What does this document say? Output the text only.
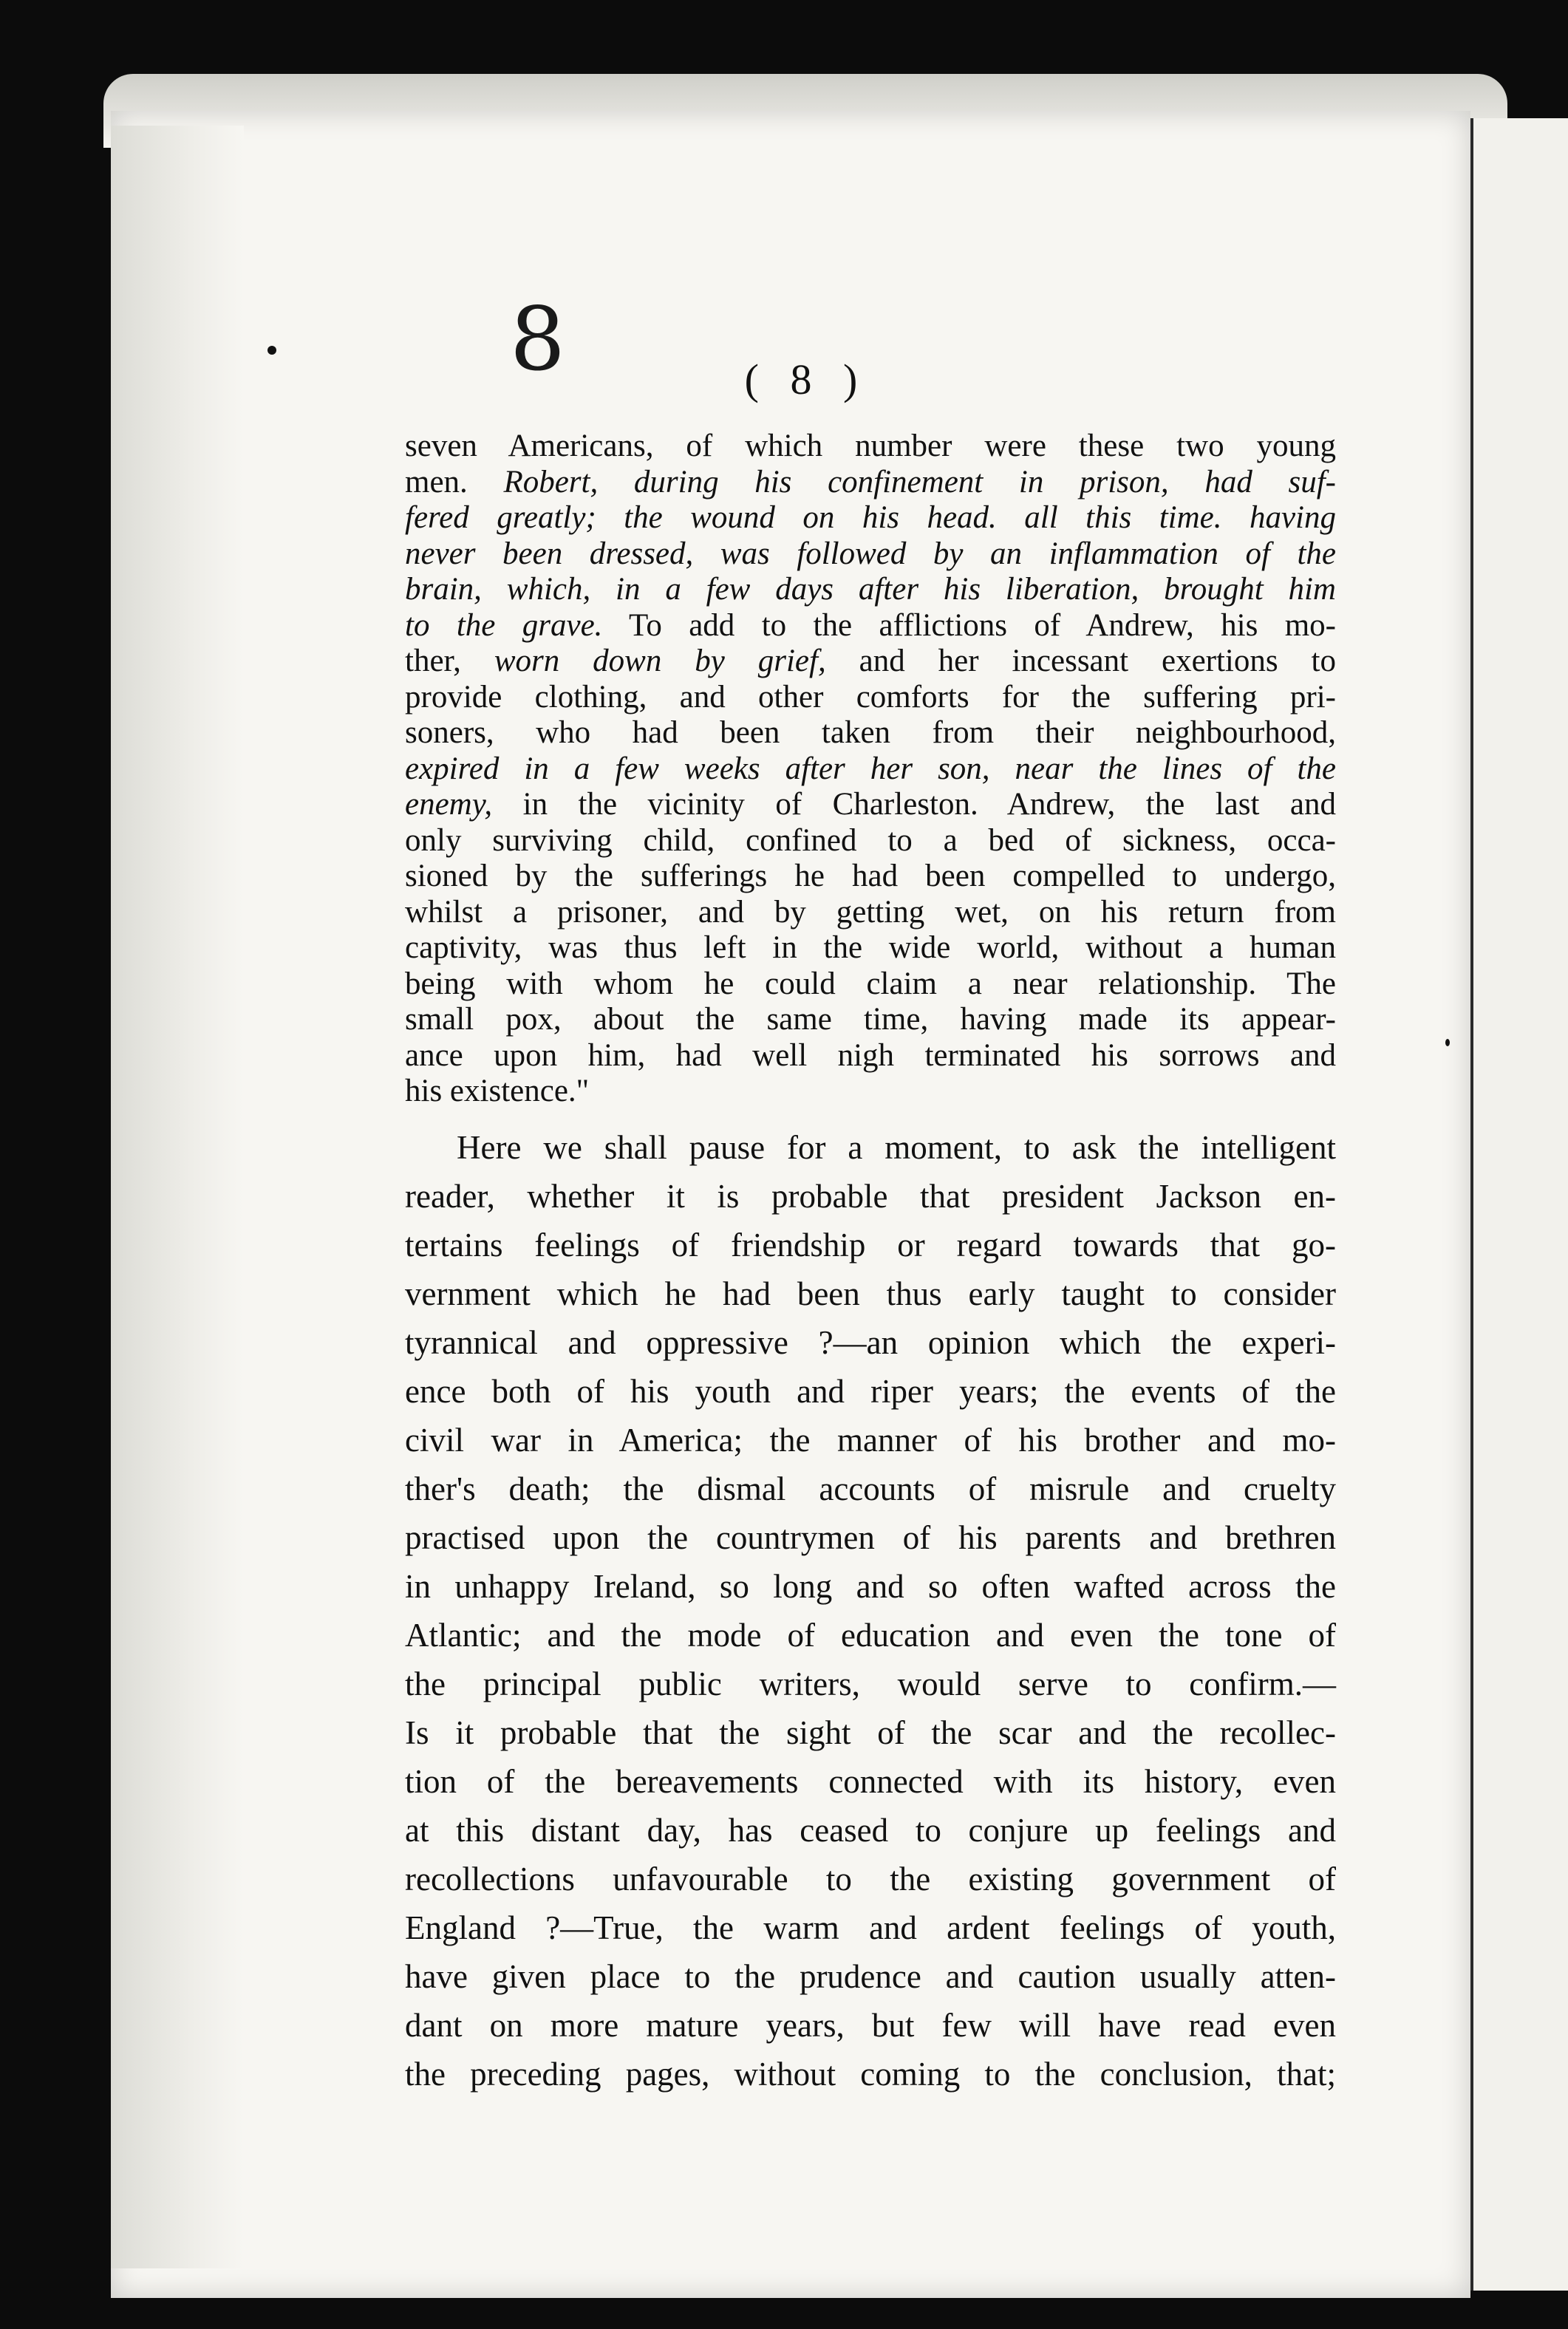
8	( 8 )

seven Americans, of which number were these two young
men. Robert, during his confinement in prison, had suf-
fered greatly; the wound on his head. all this time. having
never been dressed, was followed by an inflammation of the
brain, which, in a few days after his liberation, brought him
to the grave. To add to the afflictions of Andrew, his mo-
ther, worn down by grief, and her incessant exertions to
provide clothing, and other comforts for the suffering pri-
soners, who had been taken from their neighbourhood,
expired in a few weeks after her son, near the lines of the
enemy, in the vicinity of Charleston. Andrew, the last and
only surviving child, confined to a bed of sickness, occa-
sioned by the sufferings he had been compelled to undergo,
whilst a prisoner, and by getting wet, on his return from
captivity, was thus left in the wide world, without a human
being with whom he could claim a near relationship. The
small pox, about the same time, having made its appear-
ance upon him, had well nigh terminated his sorrows and
his existence."

Here we shall pause for a moment, to ask the intelligent
reader, whether it is probable that president Jackson en-
tertains feelings of friendship or regard towards that go-
vernment which he had been thus early taught to consider
tyrannical and oppressive ?—an opinion which the experi-
ence both of his youth and riper years; the events of the
civil war in America; the manner of his brother and mo-
ther's death; the dismal accounts of misrule and cruelty
practised upon the countrymen of his parents and brethren
in unhappy Ireland, so long and so often wafted across the
Atlantic; and the mode of education and even the tone of
the principal public writers, would serve to confirm.—
Is it probable that the sight of the scar and the recollec-
tion of the bereavements connected with its history, even
at this distant day, has ceased to conjure up feelings and
recollections unfavourable to the existing government of
England ?—True, the warm and ardent feelings of youth,
have given place to the prudence and caution usually atten-
dant on more mature years, but few will have read even
the preceding pages, without coming to the conclusion, that;
